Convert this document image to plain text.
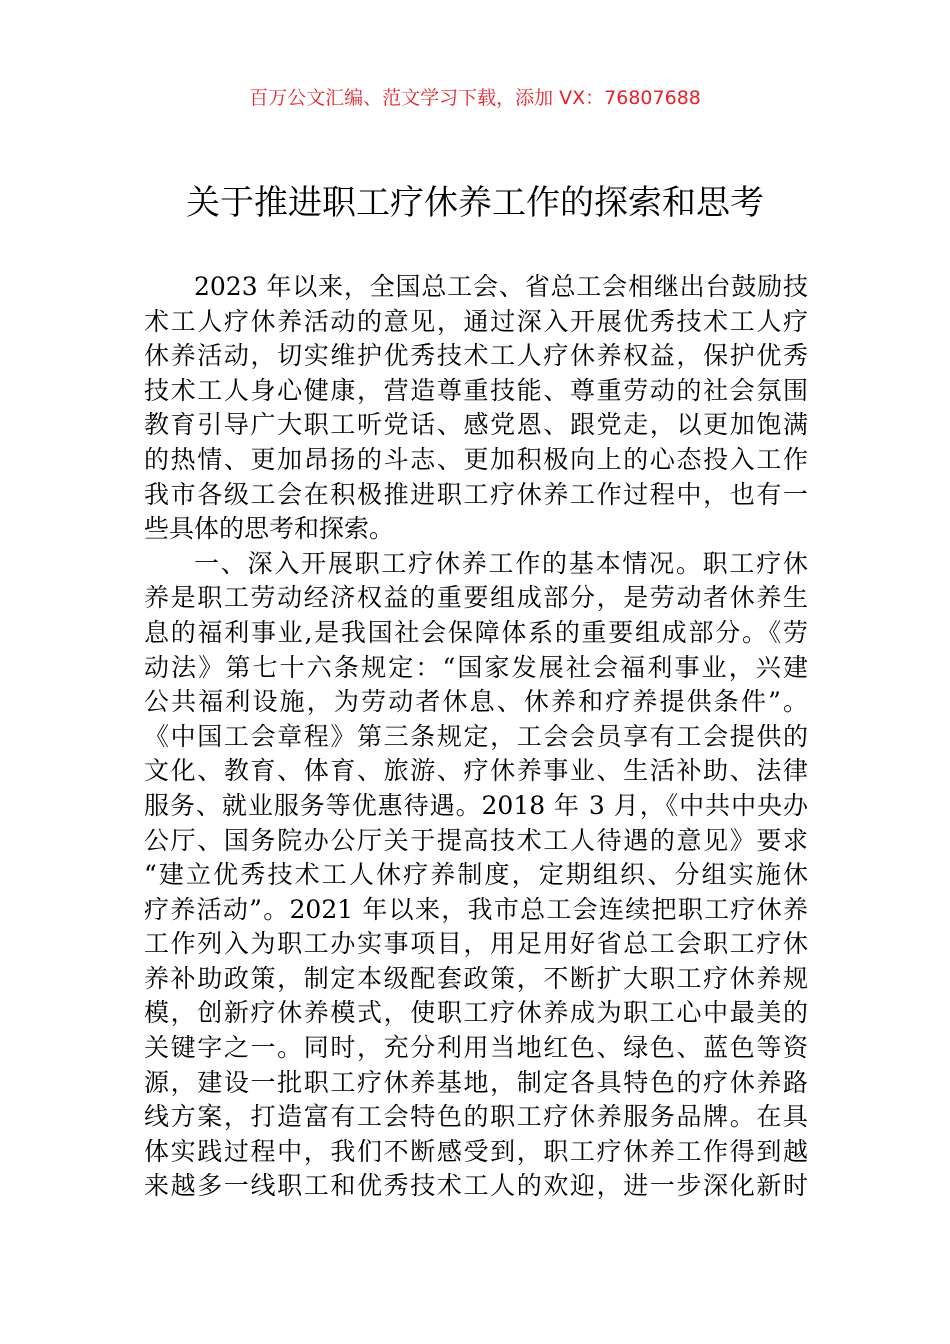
百万公文汇编、范文学习下载，添加 VX：76807688
关于推进职工疗休养工作的探索和思考
2023 年以来，全国总工会、省总工会相继出台鼓励技
术工人疗休养活动的意见，通过深入开展优秀技术工人疗
休养活动，切实维护优秀技术工人疗休养权益，保护优秀
技术工人身心健康，营造尊重技能、尊重劳动的社会氛围
教育引导广大职工听党话、感党恩、跟党走，以更加饱满
的热情、更加昂扬的斗志、更加积极向上的心态投入工作
我市各级工会在积极推进职工疗休养工作过程中，也有一
些具体的思考和探索。
一、深入开展职工疗休养工作的基本情况。职工疗休
养是职工劳动经济权益的重要组成部分，是劳动者休养生
息的福利事业,是我国社会保障体系的重要组成部分。《劳
动法》第七十六条规定：“国家发展社会福利事业，兴建
公共福利设施，为劳动者休息、休养和疗养提供条件”。
《中国工会章程》第三条规定，工会会员享有工会提供的
文化、教育、体育、旅游、疗休养事业、生活补助、法律
服务、就业服务等优惠待遇。2018 年 3 月，《中共中央办
公厅、国务院办公厅关于提高技术工人待遇的意见》要求
“建立优秀技术工人休疗养制度，定期组织、分组实施休
疗养活动”。2021 年以来，我市总工会连续把职工疗休养
工作列入为职工办实事项目，用足用好省总工会职工疗休
养补助政策，制定本级配套政策，不断扩大职工疗休养规
模，创新疗休养模式，使职工疗休养成为职工心中最美的
关键字之一。同时，充分利用当地红色、绿色、蓝色等资
源，建设一批职工疗休养基地，制定各具特色的疗休养路
线方案，打造富有工会特色的职工疗休养服务品牌。在具
体实践过程中，我们不断感受到，职工疗休养工作得到越
来越多一线职工和优秀技术工人的欢迎，进一步深化新时
